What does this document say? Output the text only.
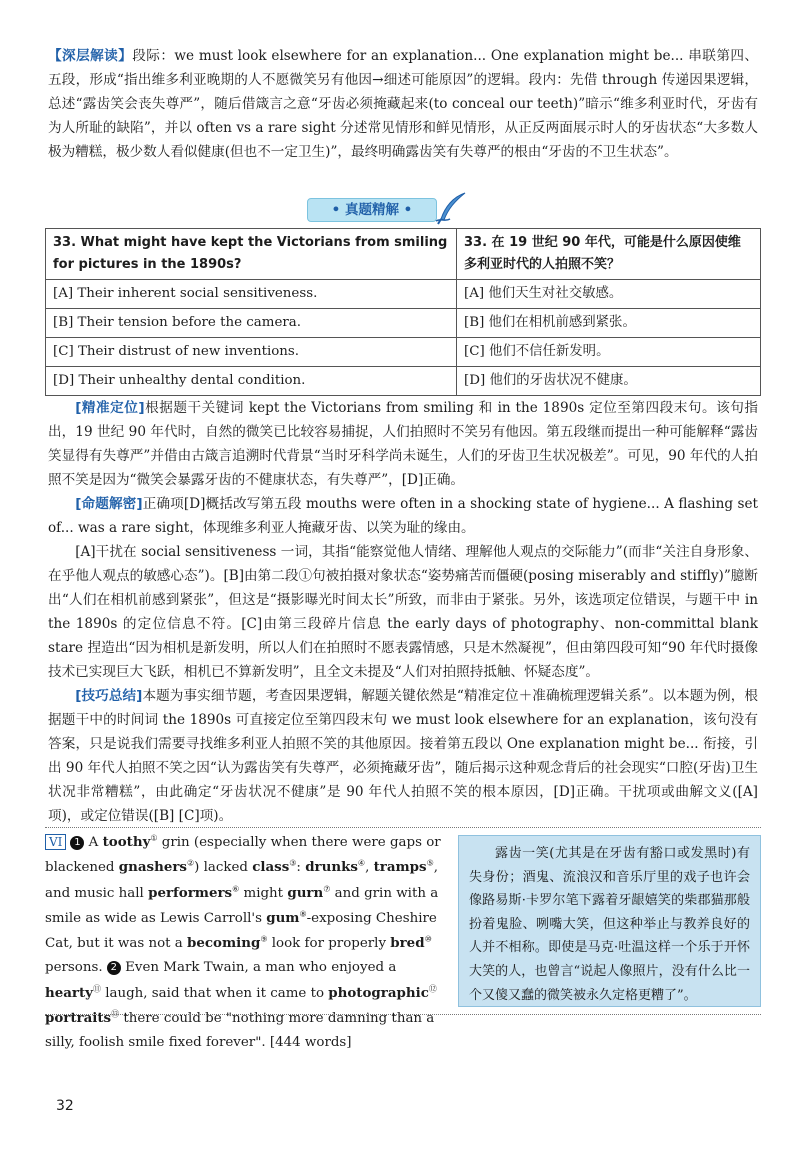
【深层解读】段际：we must look elsewhere for an explanation... One explanation might be... 串联第四、五段，形成“指出维多利亚晚期的人不愿微笑另有他因→细述可能原因”的逻辑。段内：先借 through 传递因果逻辑，总述“露齿笑会丧失尊严”，随后借箴言之意“牙齿必须掩藏起来(to conceal our teeth)”暗示“维多利亚时代，牙齿有为人所耻的缺陷”，并以 often vs a rare sight 分述常见情形和鲜见情形，从正反两面展示时人的牙齿状态“大多数人极为糟糕，极少数人看似健康(但也不一定卫生)”，最终明确露齿笑有失尊严的根由“牙齿的不卫生状态”。

• 真题精解 •
33. What might have kept the Victorians from smiling for pictures in the 1890s?	33. 在 19 世纪 90 年代，可能是什么原因使维多利亚时代的人拍照不笑？
[A] Their inherent social sensitiveness.	[A] 他们天生对社交敏感。
[B] Their tension before the camera.	[B] 他们在相机前感到紧张。
[C] Their distrust of new inventions.	[C] 他们不信任新发明。
[D] Their unhealthy dental condition.	[D] 他们的牙齿状况不健康。

[精准定位]根据题干关键词 kept the Victorians from smiling 和 in the 1890s 定位至第四段末句。该句指出，19 世纪 90 年代时，自然的微笑已比较容易捕捉，人们拍照时不笑另有他因。第五段继而提出一种可能解释“露齿笑显得有失尊严”并借由古箴言追溯时代背景“当时牙科学尚未诞生，人们的牙齿卫生状况极差”。可见，90 年代的人拍照不笑是因为“微笑会暴露牙齿的不健康状态，有失尊严”，[D]正确。

[命题解密]正确项[D]概括改写第五段 mouths were often in a shocking state of hygiene... A flashing set of... was a rare sight，体现维多利亚人掩藏牙齿、以笑为耻的缘由。

[A]干扰在 social sensitiveness 一词，其指“能察觉他人情绪、理解他人观点的交际能力”(而非“关注自身形象、在乎他人观点的敏感心态”)。[B]由第二段①句被拍摄对象状态“姿势痛苦而僵硬(posing miserably and stiffly)”臆断出“人们在相机前感到紧张”，但这是“摄影曝光时间太长”所致，而非由于紧张。另外，该选项定位错误，与题干中 in the 1890s 的定位信息不符。[C]由第三段碎片信息 the early days of photography、non-committal blank stare 捏造出“因为相机是新发明，所以人们在拍照时不愿表露情感，只是木然凝视”，但由第四段可知“90 年代时摄像技术已实现巨大飞跃，相机已不算新发明”，且全文未提及“人们对拍照持抵触、怀疑态度”。

[技巧总结]本题为事实细节题，考查因果逻辑，解题关键依然是“精准定位＋准确梳理逻辑关系”。以本题为例，根据题干中的时间词 the 1890s 可直接定位至第四段末句 we must look elsewhere for an explanation，该句没有答案，只是说我们需要寻找维多利亚人拍照不笑的其他原因。接着第五段以 One explanation might be... 衔接，引出 90 年代人拍照不笑之因“认为露齿笑有失尊严，必须掩藏牙齿”，随后揭示这种观念背后的社会现实“口腔(牙齿)卫生状况非常糟糕”，由此确定“牙齿状况不健康”是 90 年代人拍照不笑的根本原因，[D]正确。干扰项或曲解文义([A]项)，或定位错误([B] [C]项)。

VI 1 A toothy① grin (especially when there were gaps or blackened gnashers②) lacked class③: drunks④, tramps⑤, and music hall performers⑥ might gurn⑦ and grin with a smile as wide as Lewis Carroll's gum⑧-exposing Cheshire Cat, but it was not a becoming⑨ look for properly bred⑩ persons. 2 Even Mark Twain, a man who enjoyed a hearty⑪ laugh, said that when it came to photographic⑫ portraits⑬ there could be "nothing more damning than a silly, foolish smile fixed forever". [444 words]

露齿一笑(尤其是在牙齿有豁口或发黑时)有失身份；酒鬼、流浪汉和音乐厅里的戏子也许会像路易斯·卡罗尔笔下露着牙龈嬉笑的柴郡猫那般扮着鬼脸、咧嘴大笑，但这种举止与教养良好的人并不相称。即使是马克·吐温这样一个乐于开怀大笑的人，也曾言“说起人像照片，没有什么比一个又傻又蠢的微笑被永久定格更糟了”。

32
